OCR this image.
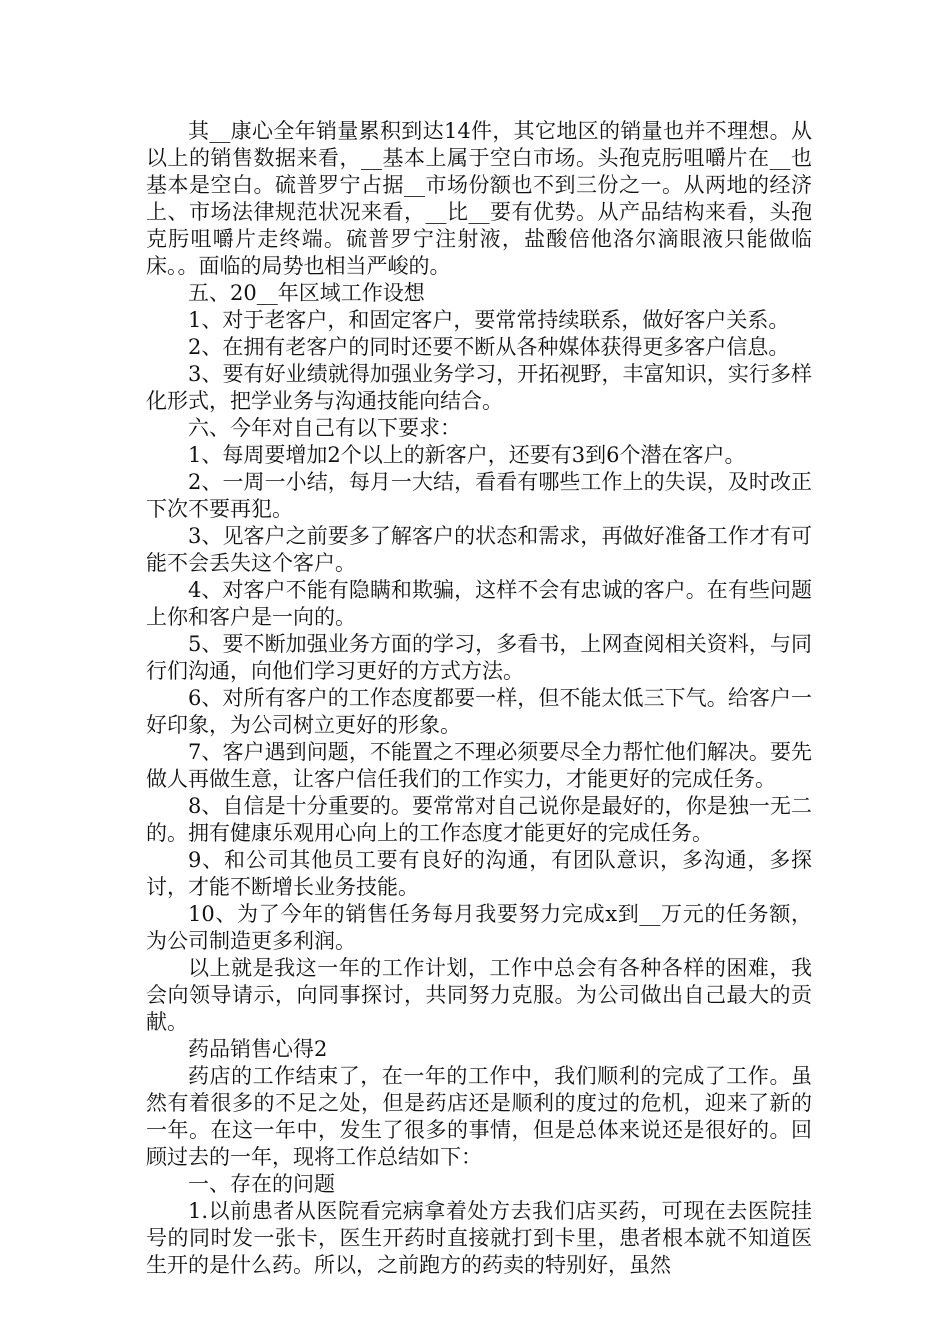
其__康心全年销量累积到达14件，其它地区的销量也并不理想。从以上的销售数据来看，__基本上属于空白市场。头孢克肟咀嚼片在__也基本是空白。硫普罗宁占据__市场份额也不到三份之一。从两地的经济上、市场法律规范状况来看，__比__要有优势。从产品结构来看，头孢克肟咀嚼片走终端。硫普罗宁注射液，盐酸倍他洛尔滴眼液只能做临床。。面临的局势也相当严峻的。

五、20__年区域工作设想

1、对于老客户，和固定客户，要常常持续联系，做好客户关系。

2、在拥有老客户的同时还要不断从各种媒体获得更多客户信息。

3、要有好业绩就得加强业务学习，开拓视野，丰富知识，实行多样化形式，把学业务与沟通技能向结合。

六、今年对自己有以下要求：

1、每周要增加2个以上的新客户，还要有3到6个潜在客户。

2、一周一小结，每月一大结，看看有哪些工作上的失误，及时改正下次不要再犯。

3、见客户之前要多了解客户的状态和需求，再做好准备工作才有可能不会丢失这个客户。

4、对客户不能有隐瞒和欺骗，这样不会有忠诚的客户。在有些问题上你和客户是一向的。

5、要不断加强业务方面的学习，多看书，上网查阅相关资料，与同行们沟通，向他们学习更好的方式方法。

6、对所有客户的工作态度都要一样，但不能太低三下气。给客户一好印象，为公司树立更好的形象。

7、客户遇到问题，不能置之不理必须要尽全力帮忙他们解决。要先做人再做生意，让客户信任我们的工作实力，才能更好的完成任务。

8、自信是十分重要的。要常常对自己说你是最好的，你是独一无二的。拥有健康乐观用心向上的工作态度才能更好的完成任务。

9、和公司其他员工要有良好的沟通，有团队意识，多沟通，多探讨，才能不断增长业务技能。

10、为了今年的销售任务每月我要努力完成x到__万元的任务额，为公司制造更多利润。

以上就是我这一年的工作计划，工作中总会有各种各样的困难，我会向领导请示，向同事探讨，共同努力克服。为公司做出自己最大的贡献。

药品销售心得2

药店的工作结束了，在一年的工作中，我们顺利的完成了工作。虽然有着很多的不足之处，但是药店还是顺利的度过的危机，迎来了新的一年。在这一年中，发生了很多的事情，但是总体来说还是很好的。回顾过去的一年，现将工作总结如下：

一、存在的问题

1.以前患者从医院看完病拿着处方去我们店买药，可现在去医院挂号的同时发一张卡，医生开药时直接就打到卡里，患者根本就不知道医生开的是什么药。所以，之前跑方的药卖的特别好，虽然
